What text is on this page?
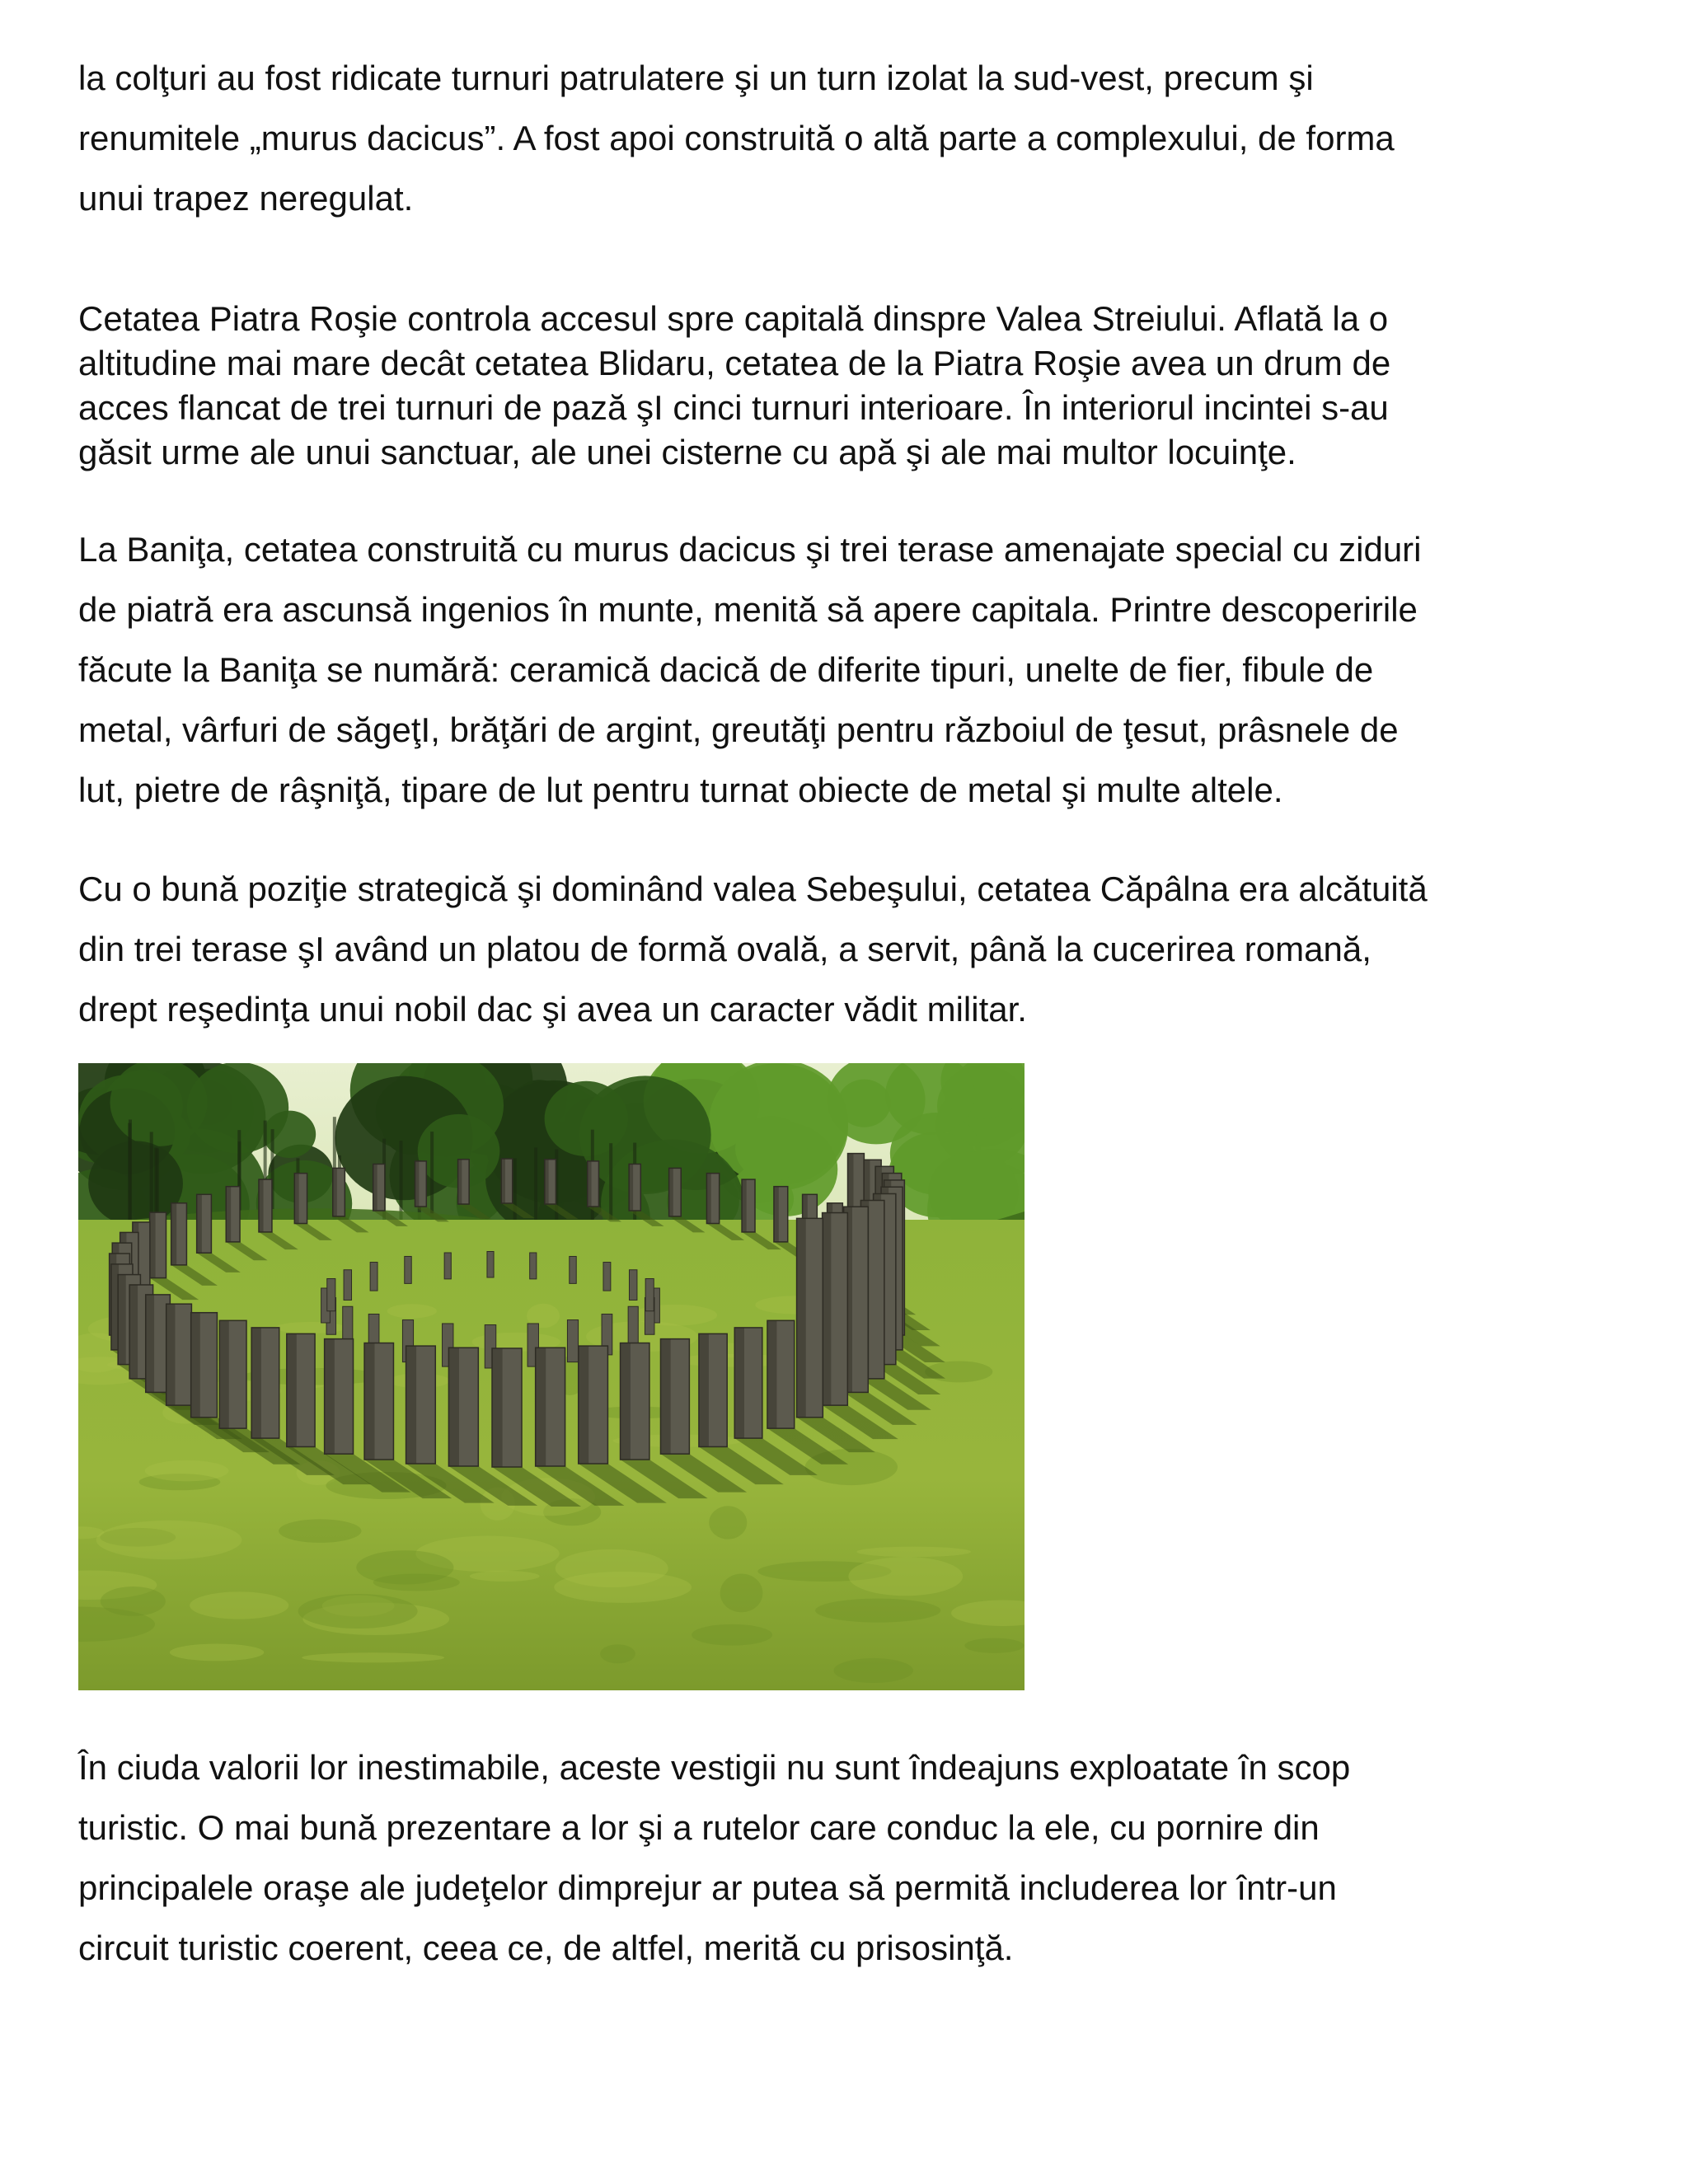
la colţuri au fost ridicate turnuri patrulatere şi un turn izolat la sud-vest, precum şi
renumitele „murus dacicus”. A fost apoi construită o altă parte a complexului, de forma
unui trapez neregulat.

Cetatea Piatra Roşie controla accesul spre capitală dinspre Valea Streiului. Aflată la o
altitudine mai mare decât cetatea Blidaru, cetatea de la Piatra Roşie avea un drum de
acces flancat de trei turnuri de pază şI cinci turnuri interioare. În interiorul incintei s-au
găsit urme ale unui sanctuar, ale unei cisterne cu apă şi ale mai multor locuinţe.

La Baniţa, cetatea construită cu murus dacicus şi trei terase amenajate special cu ziduri
de piatră era ascunsă ingenios în munte, menită să apere capitala. Printre descoperirile
făcute la Baniţa se numără: ceramică dacică de diferite tipuri, unelte de fier, fibule de
metal, vârfuri de săgeţI, brăţări de argint, greutăţi pentru războiul de ţesut, prâsnele de
lut, pietre de râşniţă, tipare de lut pentru turnat obiecte de metal şi multe altele.

Cu o bună poziţie strategică şi dominând valea Sebeşului, cetatea Căpâlna era alcătuită
din trei terase şI având un platou de formă ovală, a servit, până la cucerirea romană,
drept reşedinţa unui nobil dac şi avea un caracter vădit militar.

În ciuda valorii lor inestimabile, aceste vestigii nu sunt îndeajuns exploatate în scop
turistic. O mai bună prezentare a lor şi a rutelor care conduc la ele, cu pornire din
principalele oraşe ale judeţelor dimprejur ar putea să permită includerea lor într-un
circuit turistic coerent, ceea ce, de altfel, merită cu prisosinţă.
